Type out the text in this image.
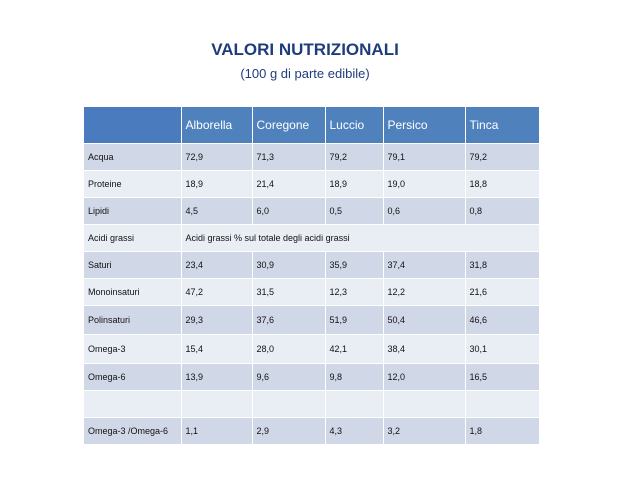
VALORI NUTRIZIONALI
(100 g di parte edibile)
	Alborella	Coregone	Luccio	Persico	Tinca
Acqua	72,9	71,3	79,2	79,1	79,2
Proteine	18,9	21,4	18,9	19,0	18,8
Lipidi	4,5	6,0	0,5	0,6	0,8
Acidi grassi	Acidi grassi % sul totale degli acidi grassi				
Saturi	23,4	30,9	35,9	37,4	31,8
Monoinsaturi	47,2	31,5	12,3	12,2	21,6
Polinsaturi	29,3	37,6	51,9	50,4	46,6
Omega-3	15,4	28,0	42,1	38,4	30,1
Omega-6	13,9	9,6	9,8	12,0	16,5

Omega-3 /Omega-6	1,1	2,9	4,3	3,2	1,8
